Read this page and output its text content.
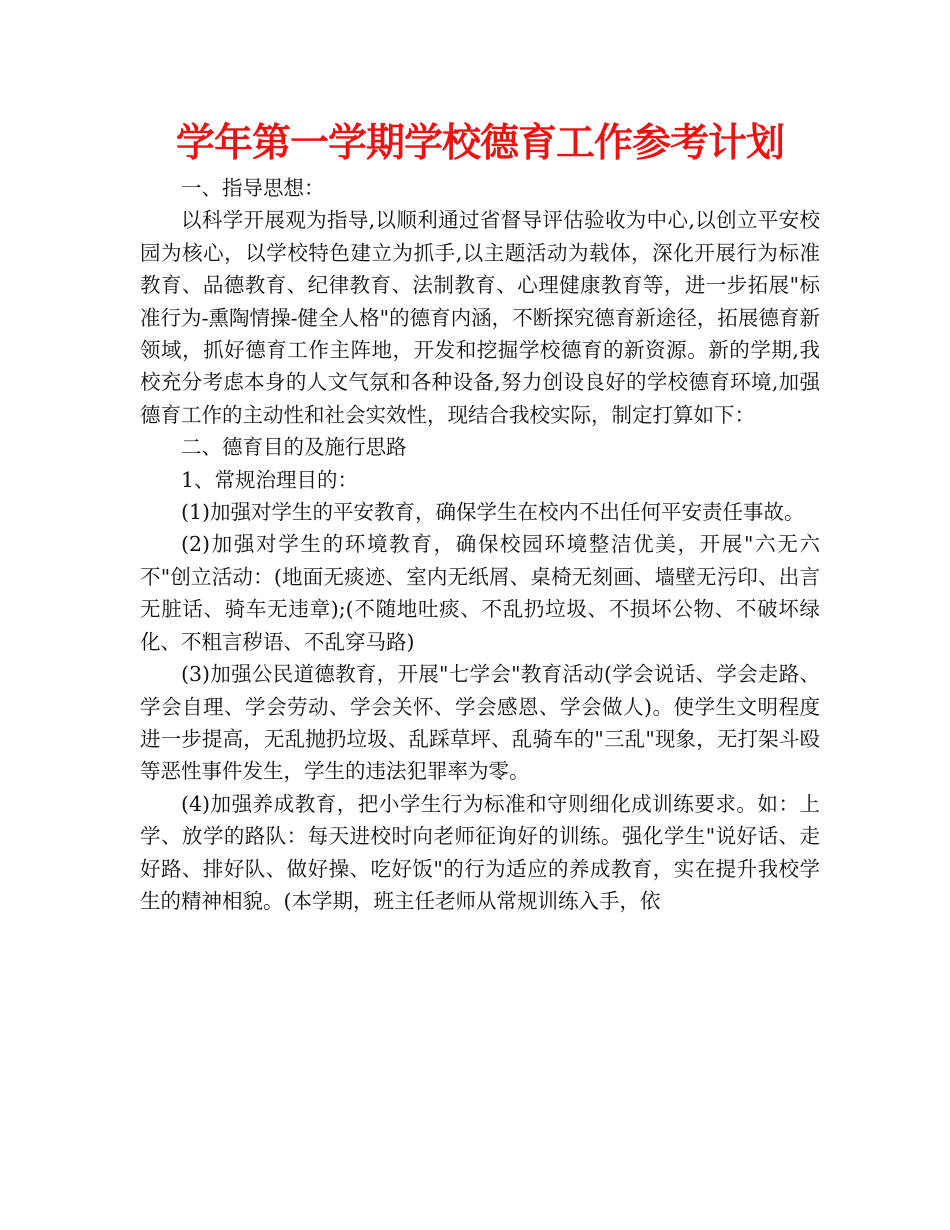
学年第一学期学校德育工作参考计划

一、指导思想：

以科学开展观为指导,以顺利通过省督导评估验收为中心,以创立平安校园为核心，以学校特色建立为抓手,以主题活动为载体，深化开展行为标准教育、品德教育、纪律教育、法制教育、心理健康教育等，进一步拓展"标准行为-熏陶情操-健全人格"的德育内涵，不断探究德育新途径，拓展德育新领域，抓好德育工作主阵地，开发和挖掘学校德育的新资源。新的学期,我校充分考虑本身的人文气氛和各种设备,努力创设良好的学校德育环境,加强德育工作的主动性和社会实效性，现结合我校实际，制定打算如下：

二、德育目的及施行思路

1、常规治理目的：

(1)加强对学生的平安教育，确保学生在校内不出任何平安责任事故。

(2)加强对学生的环境教育，确保校园环境整洁优美，开展"六无六不"创立活动：(地面无痰迹、室内无纸屑、桌椅无刻画、墙壁无污印、出言无脏话、骑车无违章);(不随地吐痰、不乱扔垃圾、不损坏公物、不破坏绿化、不粗言秽语、不乱穿马路)

(3)加强公民道德教育，开展"七学会"教育活动(学会说话、学会走路、学会自理、学会劳动、学会关怀、学会感恩、学会做人)。使学生文明程度进一步提高，无乱抛扔垃圾、乱踩草坪、乱骑车的"三乱"现象，无打架斗殴等恶性事件发生，学生的违法犯罪率为零。

(4)加强养成教育，把小学生行为标准和守则细化成训练要求。如：上学、放学的路队：每天进校时向老师征询好的训练。强化学生"说好话、走好路、排好队、做好操、吃好饭"的行为适应的养成教育，实在提升我校学生的精神相貌。(本学期，班主任老师从常规训练入手，依
